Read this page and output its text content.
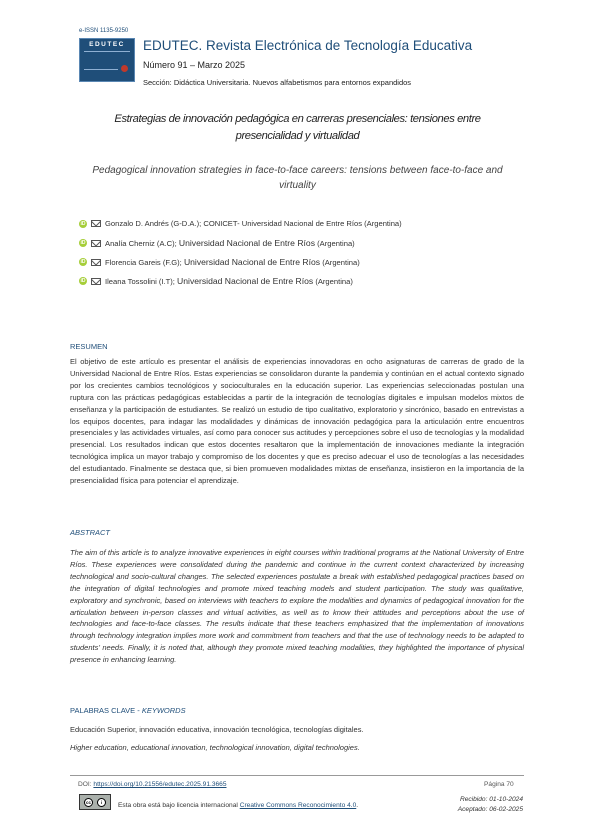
e-ISSN 1135-9250
EDUTEC	EDUTEC. Revista Electrónica de Tecnología Educativa
Número 91 – Marzo 2025
Sección: Didáctica Universitaria. Nuevos alfabetismos para entornos expandidos
Estrategias de innovación pedagógica en carreras presenciales: tensiones entre presencialidad y virtualidad
Pedagogical innovation strategies in face-to-face careers: tensions between face-to-face and virtuality
iD	Gonzalo D. Andrés (G-D.A.); CONICET- Universidad Nacional de Entre Ríos (Argentina)
iD	Analía Cherniz (A.C);
Universidad Nacional de Entre Ríos
(Argentina)
iD	Florencia Gareis (F.G);
Universidad Nacional de Entre Ríos
(Argentina)
iD	Ileana Tossolini (I.T);
Universidad Nacional de Entre Ríos
(Argentina)
RESUMEN
El objetivo de este artículo es presentar el análisis de experiencias innovadoras en ocho asignaturas de carreras de grado de la Universidad Nacional de Entre Ríos. Estas experiencias se consolidaron durante la pandemia y continúan en el actual contexto signado por los crecientes cambios tecnológicos y socioculturales en la educación superior. Las experiencias seleccionadas postulan una ruptura con las prácticas pedagógicas establecidas a partir de la integración de tecnologías digitales e impulsan modelos mixtos de enseñanza y la participación de estudiantes. Se realizó un estudio de tipo cualitativo, exploratorio y sincrónico, basado en entrevistas a los equipos docentes, para indagar las modalidades y dinámicas de innovación pedagógica para la articulación entre encuentros presenciales y las actividades virtuales, así como para conocer sus actitudes y percepciones sobre el uso de tecnologías y la modalidad presencial. Los resultados indican que estos docentes resaltaron que la implementación de innovaciones mediante la integración tecnológica implica un mayor trabajo y compromiso de los docentes y que es preciso adecuar el uso de tecnologías a las necesidades del estudiantado. Finalmente se destaca que, si bien promueven modalidades mixtas de enseñanza, insistieron en la importancia de la presencialidad física para potenciar el aprendizaje.
ABSTRACT
The aim of this article is to analyze innovative experiences in eight courses within traditional programs at the National University of Entre Ríos. These experiences were consolidated during the pandemic and continue in the current context characterized by increasing technological and socio-cultural changes. The selected experiences postulate a break with established pedagogical practices based on the integration of digital technologies and promote mixed teaching models and student participation. The study was qualitative, exploratory and synchronic, based on interviews with teachers to explore the modalities and dynamics of pedagogical innovation for the articulation between in-person classes and virtual activities, as well as to know their attitudes and perceptions about the use of technologies and face-to-face classes. The results indicate that these teachers emphasized that the implementation of innovations through technology integration implies more work and commitment from teachers and that the use of technology needs to be adapted to students’ needs. Finally, it is noted that, although they promote mixed teaching modalities, they highlighted the importance of physical presence in enhancing learning.
PALABRAS CLAVE - KEYWORDS
Educación Superior, innovación educativa, innovación tecnológica, tecnologías digitales.
Higher education, educational innovation, technological innovation, digital technologies.
DOI: https://doi.org/10.21556/edutec.2025.91.3665	Página 70
cc	i	Esta obra está bajo licencia internacional Creative Commons Reconocimiento 4.0.
Recibido: 01-10-2024
Aceptado: 06-02-2025
